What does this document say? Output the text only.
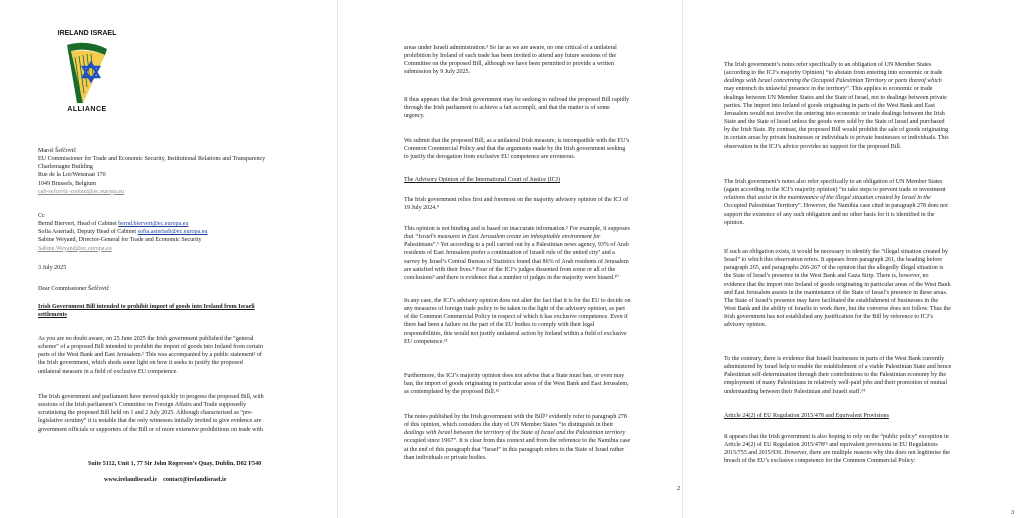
IRELAND ISRAEL
ALLIANCE
Maroš Šefčovič
EU Commissioner for Trade and Economic Security, Institutional Relations and Transparency
Charlemagne Building
Rue de la Loi/Wetstraat 170
1049 Brussels, Belgium
cab-sefcovic-contact@ec.europa.eu
Cc
Bernd Biervert, Head of Cabinet bernd.biervert@ec.europa.eu
Sofia Asteriadi, Deputy Head of Cabinet sofia.asteriadi@ec.europa.eu
Sabine Weyand, Director-General for Trade and Economic Security
Sabine.Weyand@ec.europa.eu
3 July 2025
Dear Commissioner Šefčovič
Irish Government Bill intended to prohibit import of goods into Ireland from Israeli
settlements
As you are no doubt aware, on 25 June 2025 the Irish government published the “general
scheme” of a proposed Bill intended to prohibit the import of goods into Ireland from certain
parts of the West Bank and East Jerusalem.¹ This was accompanied by a public statement² of
the Irish government, which sheds some light on how it seeks to justify the proposed
unilateral measure in a field of exclusive EU competence.
The Irish government and parliament have moved quickly to progress the proposed Bill, with
sessions of the Irish parliament’s Committee on Foreign Affairs and Trade supposedly
scrutinising the proposed Bill held on 1 and 2 July 2025. Although characterised as “pre-
legislative scrutiny” it is notable that the only witnesses initially invited to give evidence are
government officials or supporters of the Bill or of more extensive prohibitions on trade with
Suite 5112, Unit 1, 77 Sir John Rogerson’s Quay, Dublin, D02 F540
www.irelandisrael.ie contact@irelandisrael.ie
areas under Israeli administration.³ So far as we are aware, no one critical of a unilateral
prohibition by Ireland of such trade has been invited to attend any future sessions of the
Committee on the proposed Bill, although we have been permitted to provide a written
submission by 9 July 2025.
It thus appears that the Irish government may be seeking to railroad the proposed Bill rapidly
through the Irish parliament to achieve a fait accompli, and that the matter is of some
urgency.
We submit that the proposed Bill, as a unilateral Irish measure, is incompatible with the EU’s
Common Commercial Policy and that the arguments made by the Irish government seeking
to justify the derogation from exclusive EU competence are erroneous.
The Advisory Opinion of the International Court of Justice (ICJ)
The Irish government relies first and foremost on the majority advisory opinion of the ICJ of
19 July 2024.⁴
This opinion is not binding and is based on inaccurate information.⁵ For example, it supposes
that “Israel’s measures in East Jerusalem create an inhospitable environment for
Palestinians”.⁶ Yet according to a poll carried out by a Palestinian news agency, 93% of Arab
residents of East Jerusalem prefer a continuation of Israeli rule of the united city⁷ and a
survey by Israel’s Central Bureau of Statistics found that 86% of Arab residents of Jerusalem
are satisfied with their lives.⁸ Four of the ICJ’s judges dissented from some or all of the
conclusions⁹ and there is evidence that a number of judges in the majority were biased.¹⁰
In any case, the ICJ’s advisory opinion does not alter the fact that it is for the EU to decide on
any measures of foreign trade policy to be taken in the light of the advisory opinion, as part
of the Common Commercial Policy in respect of which it has exclusive competence. Even if
there had been a failure on the part of the EU bodies to comply with their legal
responsibilities, this would not justify unilateral action by Ireland within a field of exclusive
EU competence.¹¹
Furthermore, the ICJ’s majority opinion does not advise that a State must ban, or even may
ban, the import of goods originating in particular areas of the West Bank and East Jerusalem,
as contemplated by the proposed Bill.¹²
The notes published by the Irish government with the Bill¹³ evidently refer to paragraph 278
of this opinion, which considers the duty of UN Member States “to distinguish in their
dealings with Israel between the territory of the State of Israel and the Palestinian territory
occupied since 1967”. It is clear from this context and from the reference to the Namibia case
at the end of this paragraph that “Israel” in this paragraph refers to the State of Israel rather
than individuals or private bodies.
2
The Irish government’s notes refer specifically to an obligation of UN Member States
(according to the ICJ’s majority Opinion) “to abstain from entering into economic or trade
dealings with Israel concerning the Occupied Palestinian Territory or parts thereof which
may entrench its unlawful presence in the territory”. This applies to economic or trade
dealings between UN Member States and the State of Israel, not to dealings between private
parties. The import into Ireland of goods originating in parts of the West Bank and East
Jerusalem would not involve the entering into economic or trade dealings between the Irish
State and the State of Israel unless the goods were sold by the State of Israel and purchased
by the Irish State. By contrast, the proposed Bill would prohibit the sale of goods originating
in certain areas by private businesses or individuals to private businesses or individuals. This
observation in the ICJ’s advice provides no support for the proposed Bill.
The Irish government’s notes also refer specifically to an obligation of UN Member States
(again according to the ICJ’s majority opinion) “to take steps to prevent trade or investment
relations that assist in the maintenance of the illegal situation created by Israel in the
Occupied Palestinian Territory”. However, the Namibia case cited in paragraph 278 does not
support the existence of any such obligation and no other basis for it is identified in the
opinion.
If such an obligation exists, it would be necessary to identify the “illegal situation created by
Israel” to which this observation refers. It appears from paragraph 261, the heading before
paragraph 265, and paragraphs 266-267 of the opinion that the allegedly illegal situation is
the State of Israel’s presence in the West Bank and Gaza Strip. There is, however, no
evidence that the import into Ireland of goods originating in particular areas of the West Bank
and East Jerusalem assists in the maintenance of the State of Israel’s presence in these areas.
The State of Israel’s presence may have facilitated the establishment of businesses in the
West Bank and the ability of Israelis to work there, but the converse does not follow. Thus the
Irish government has not established any justification for the Bill by reference to ICJ’s
advisory opinion.
To the contrary, there is evidence that Israeli businesses in parts of the West Bank currently
administered by Israel help to enable the establishment of a viable Palestinian State and hence
Palestinian self-determination through their contributions to the Palestinian economy by the
employment of many Palestinians in relatively well-paid jobs and their promotion of mutual
understanding between their Palestinian and Israeli staff.¹⁴
Article 24(2) of EU Regulation 2015/478 and Equivalent Provisions
It appears that the Irish government is also hoping to rely on the “public policy” exception in
Article 24(2) of EU Regulation 2015/478¹⁵ and equivalent provisions in EU Regulations
2015/755 and 2015/936. However, there are multiple reasons why this does not legitimise the
breach of the EU’s exclusive competence for the Common Commercial Policy:
3
